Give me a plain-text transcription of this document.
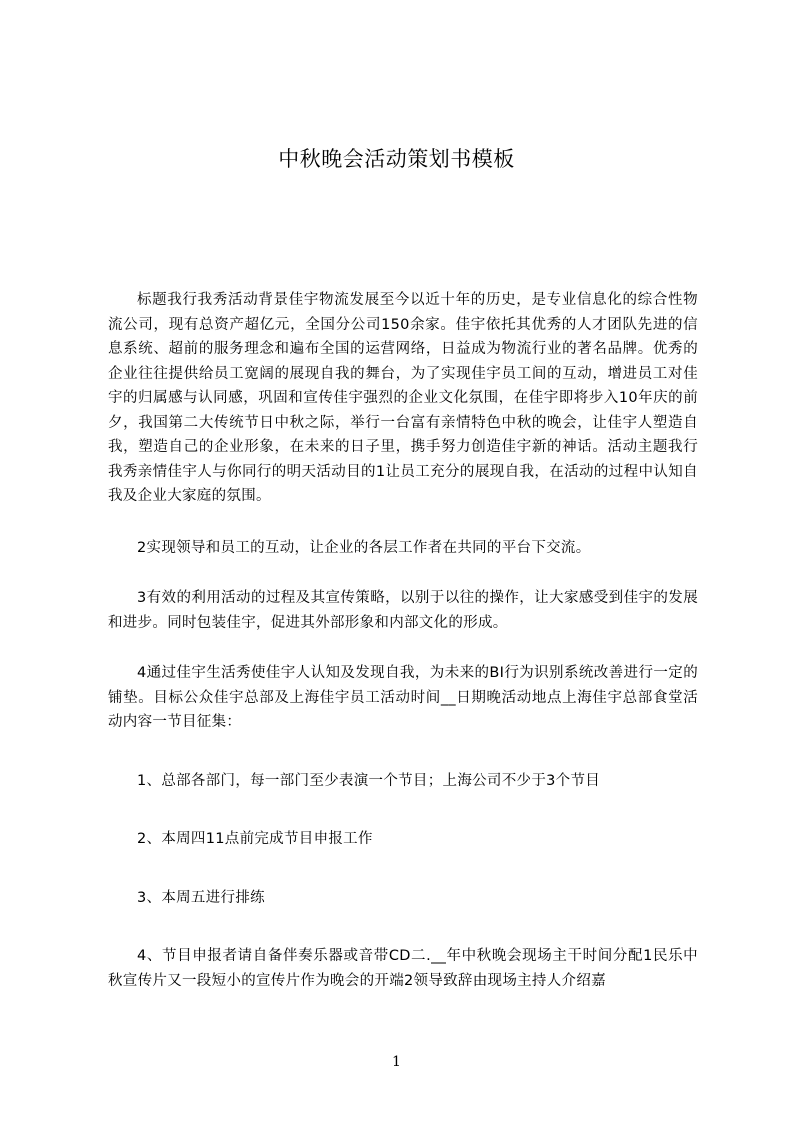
中秋晚会活动策划书模板

标题我行我秀活动背景佳宇物流发展至今以近十年的历史，是专业信息化的综合性物流公司，现有总资产超亿元，全国分公司150余家。佳宇依托其优秀的人才团队先进的信息系统、超前的服务理念和遍布全国的运营网络，日益成为物流行业的著名品牌。优秀的企业往往提供给员工宽阔的展现自我的舞台，为了实现佳宇员工间的互动，增进员工对佳宇的归属感与认同感，巩固和宣传佳宇强烈的企业文化氛围，在佳宇即将步入10年庆的前夕，我国第二大传统节日中秋之际，举行一台富有亲情特色中秋的晚会，让佳宇人塑造自我，塑造自己的企业形象，在未来的日子里，携手努力创造佳宇新的神话。活动主题我行我秀亲情佳宇人与你同行的明天活动目的1让员工充分的展现自我，在活动的过程中认知自我及企业大家庭的氛围。

2实现领导和员工的互动，让企业的各层工作者在共同的平台下交流。

3有效的利用活动的过程及其宣传策略，以别于以往的操作，让大家感受到佳宇的发展和进步。同时包装佳宇，促进其外部形象和内部文化的形成。

4通过佳宇生活秀使佳宇人认知及发现自我，为未来的BI行为识别系统改善进行一定的铺垫。目标公众佳宇总部及上海佳宇员工活动时间__日期晚活动地点上海佳宇总部食堂活动内容一节目征集：

1、总部各部门，每一部门至少表演一个节目；上海公司不少于3个节目

2、本周四11点前完成节目申报工作

3、本周五进行排练

4、节目申报者请自备伴奏乐器或音带CD二.__年中秋晚会现场主干时间分配1民乐中秋宣传片又一段短小的宣传片作为晚会的开端2领导致辞由现场主持人介绍嘉

1
